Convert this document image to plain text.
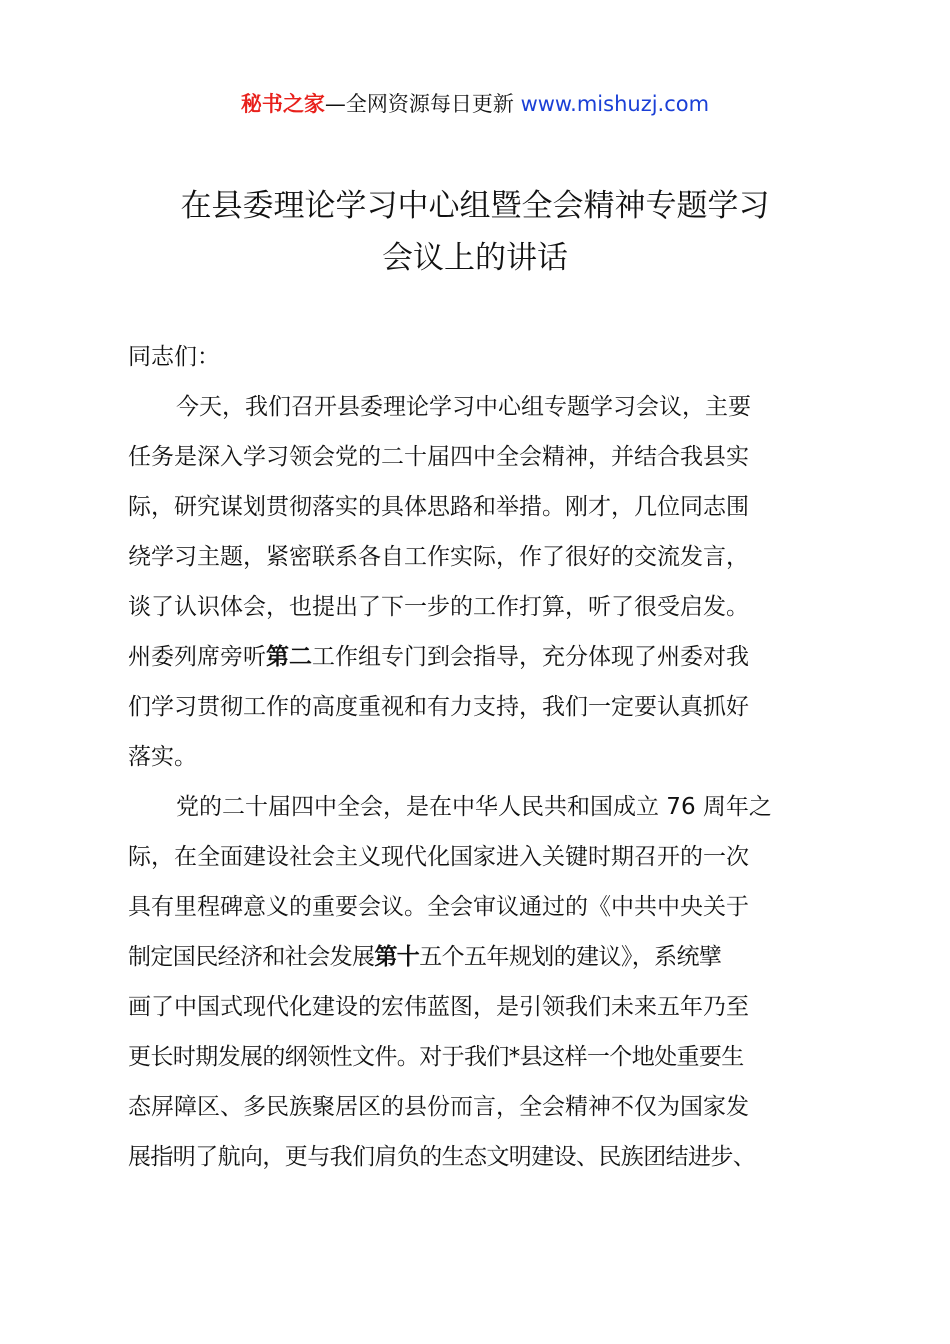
秘书之家—全网资源每日更新 www.mishuzj.com
在县委理论学习中心组暨全会精神专题学习
会议上的讲话
同志们：
今天，我们召开县委理论学习中心组专题学习会议，主要
任务是深入学习领会党的二十届四中全会精神，并结合我县实
际，研究谋划贯彻落实的具体思路和举措。刚才，几位同志围
绕学习主题，紧密联系各自工作实际，作了很好的交流发言，
谈了认识体会，也提出了下一步的工作打算，听了很受启发。
州委列席旁听第二工作组专门到会指导，充分体现了州委对我
们学习贯彻工作的高度重视和有力支持，我们一定要认真抓好
落实。
党的二十届四中全会，是在中华人民共和国成立 76 周年之
际，在全面建设社会主义现代化国家进入关键时期召开的一次
具有里程碑意义的重要会议。全会审议通过的《中共中央关于
制定国民经济和社会发展第十五个五年规划的建议》，系统擘
画了中国式现代化建设的宏伟蓝图，是引领我们未来五年乃至
更长时期发展的纲领性文件。对于我们*县这样一个地处重要生
态屏障区、多民族聚居区的县份而言，全会精神不仅为国家发
展指明了航向，更与我们肩负的生态文明建设、民族团结进步、
